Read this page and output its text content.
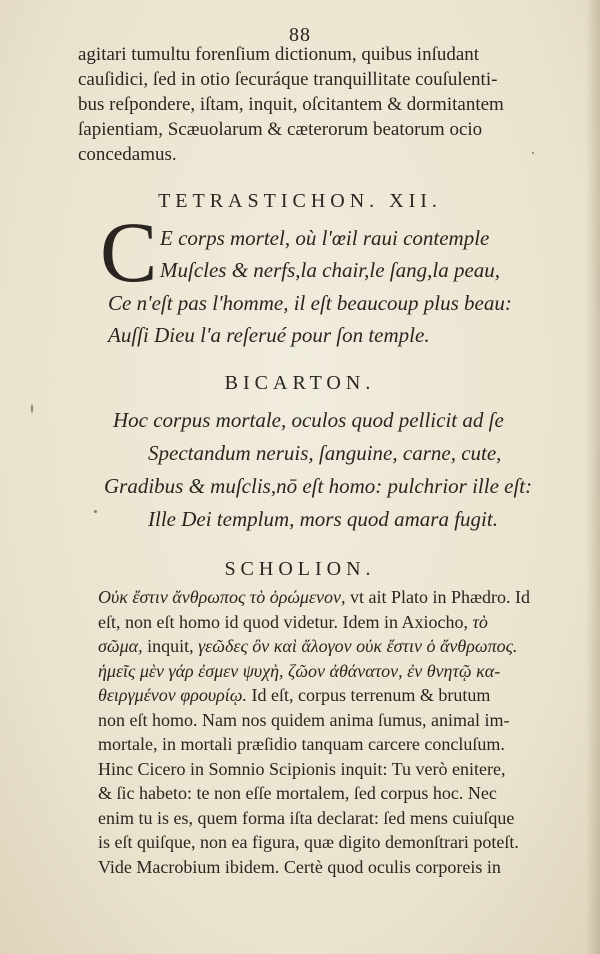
88
agitari tumultu forenſium dictionum, quibus inſudant
cauſidici, ſed in otio ſecuráque tranquillitate couſulenti-
bus reſpondere, iſtam, inquit, oſcitantem & dormitantem
ſapientiam, Scæuolarum & cæterorum beatorum ocio
concedamus.
TETRASTICHON. XII.
C E corps mortel, où l'œil raui contemple
Muſcles & nerfs,la chair,le ſang,la peau,
Ce n'eſt pas l'homme, il eſt beaucoup plus beau:
Auſſi Dieu l'a reſerué pour ſon temple.
BICARTON.
Hoc corpus mortale, oculos quod pellicit ad ſe
Spectandum neruis, ſanguine, carne, cute,
Gradibus & muſclis,nō eſt homo: pulchrior ille eſt:
Ille Dei templum, mors quod amara fugit.
SCHOLION.
Οὐκ ἔστιν ἄνθρωπος τὸ ὁρώμενον, vt ait Plato in Phædro. Id
eſt, non eſt homo id quod videtur. Idem in Axiocho, τὸ
σῶμα, inquit, γεῶδες ὂν καὶ ἄλογον οὐκ ἔστιν ὁ ἄνθρωπος.
ἡμεῖς μὲν γάρ ἐσμεν ψυχὴ, ζῶον ἀθάνατον, ἐν θνητῷ κα-
θειργμένον φρουρίῳ. Id eſt, corpus terrenum & brutum
non eſt homo. Nam nos quidem anima ſumus, animal im-
mortale, in mortali præſidio tanquam carcere concluſum.
Hinc Cicero in Somnio Scipionis inquit: Tu verò enitere,
& ſic habeto: te non eſſe mortalem, ſed corpus hoc. Nec
enim tu is es, quem forma iſta declarat: ſed mens cuiuſque
is eſt quiſque, non ea figura, quæ digito demonſtrari poteſt.
Vide Macrobium ibidem. Certè quod oculis corporeis in
